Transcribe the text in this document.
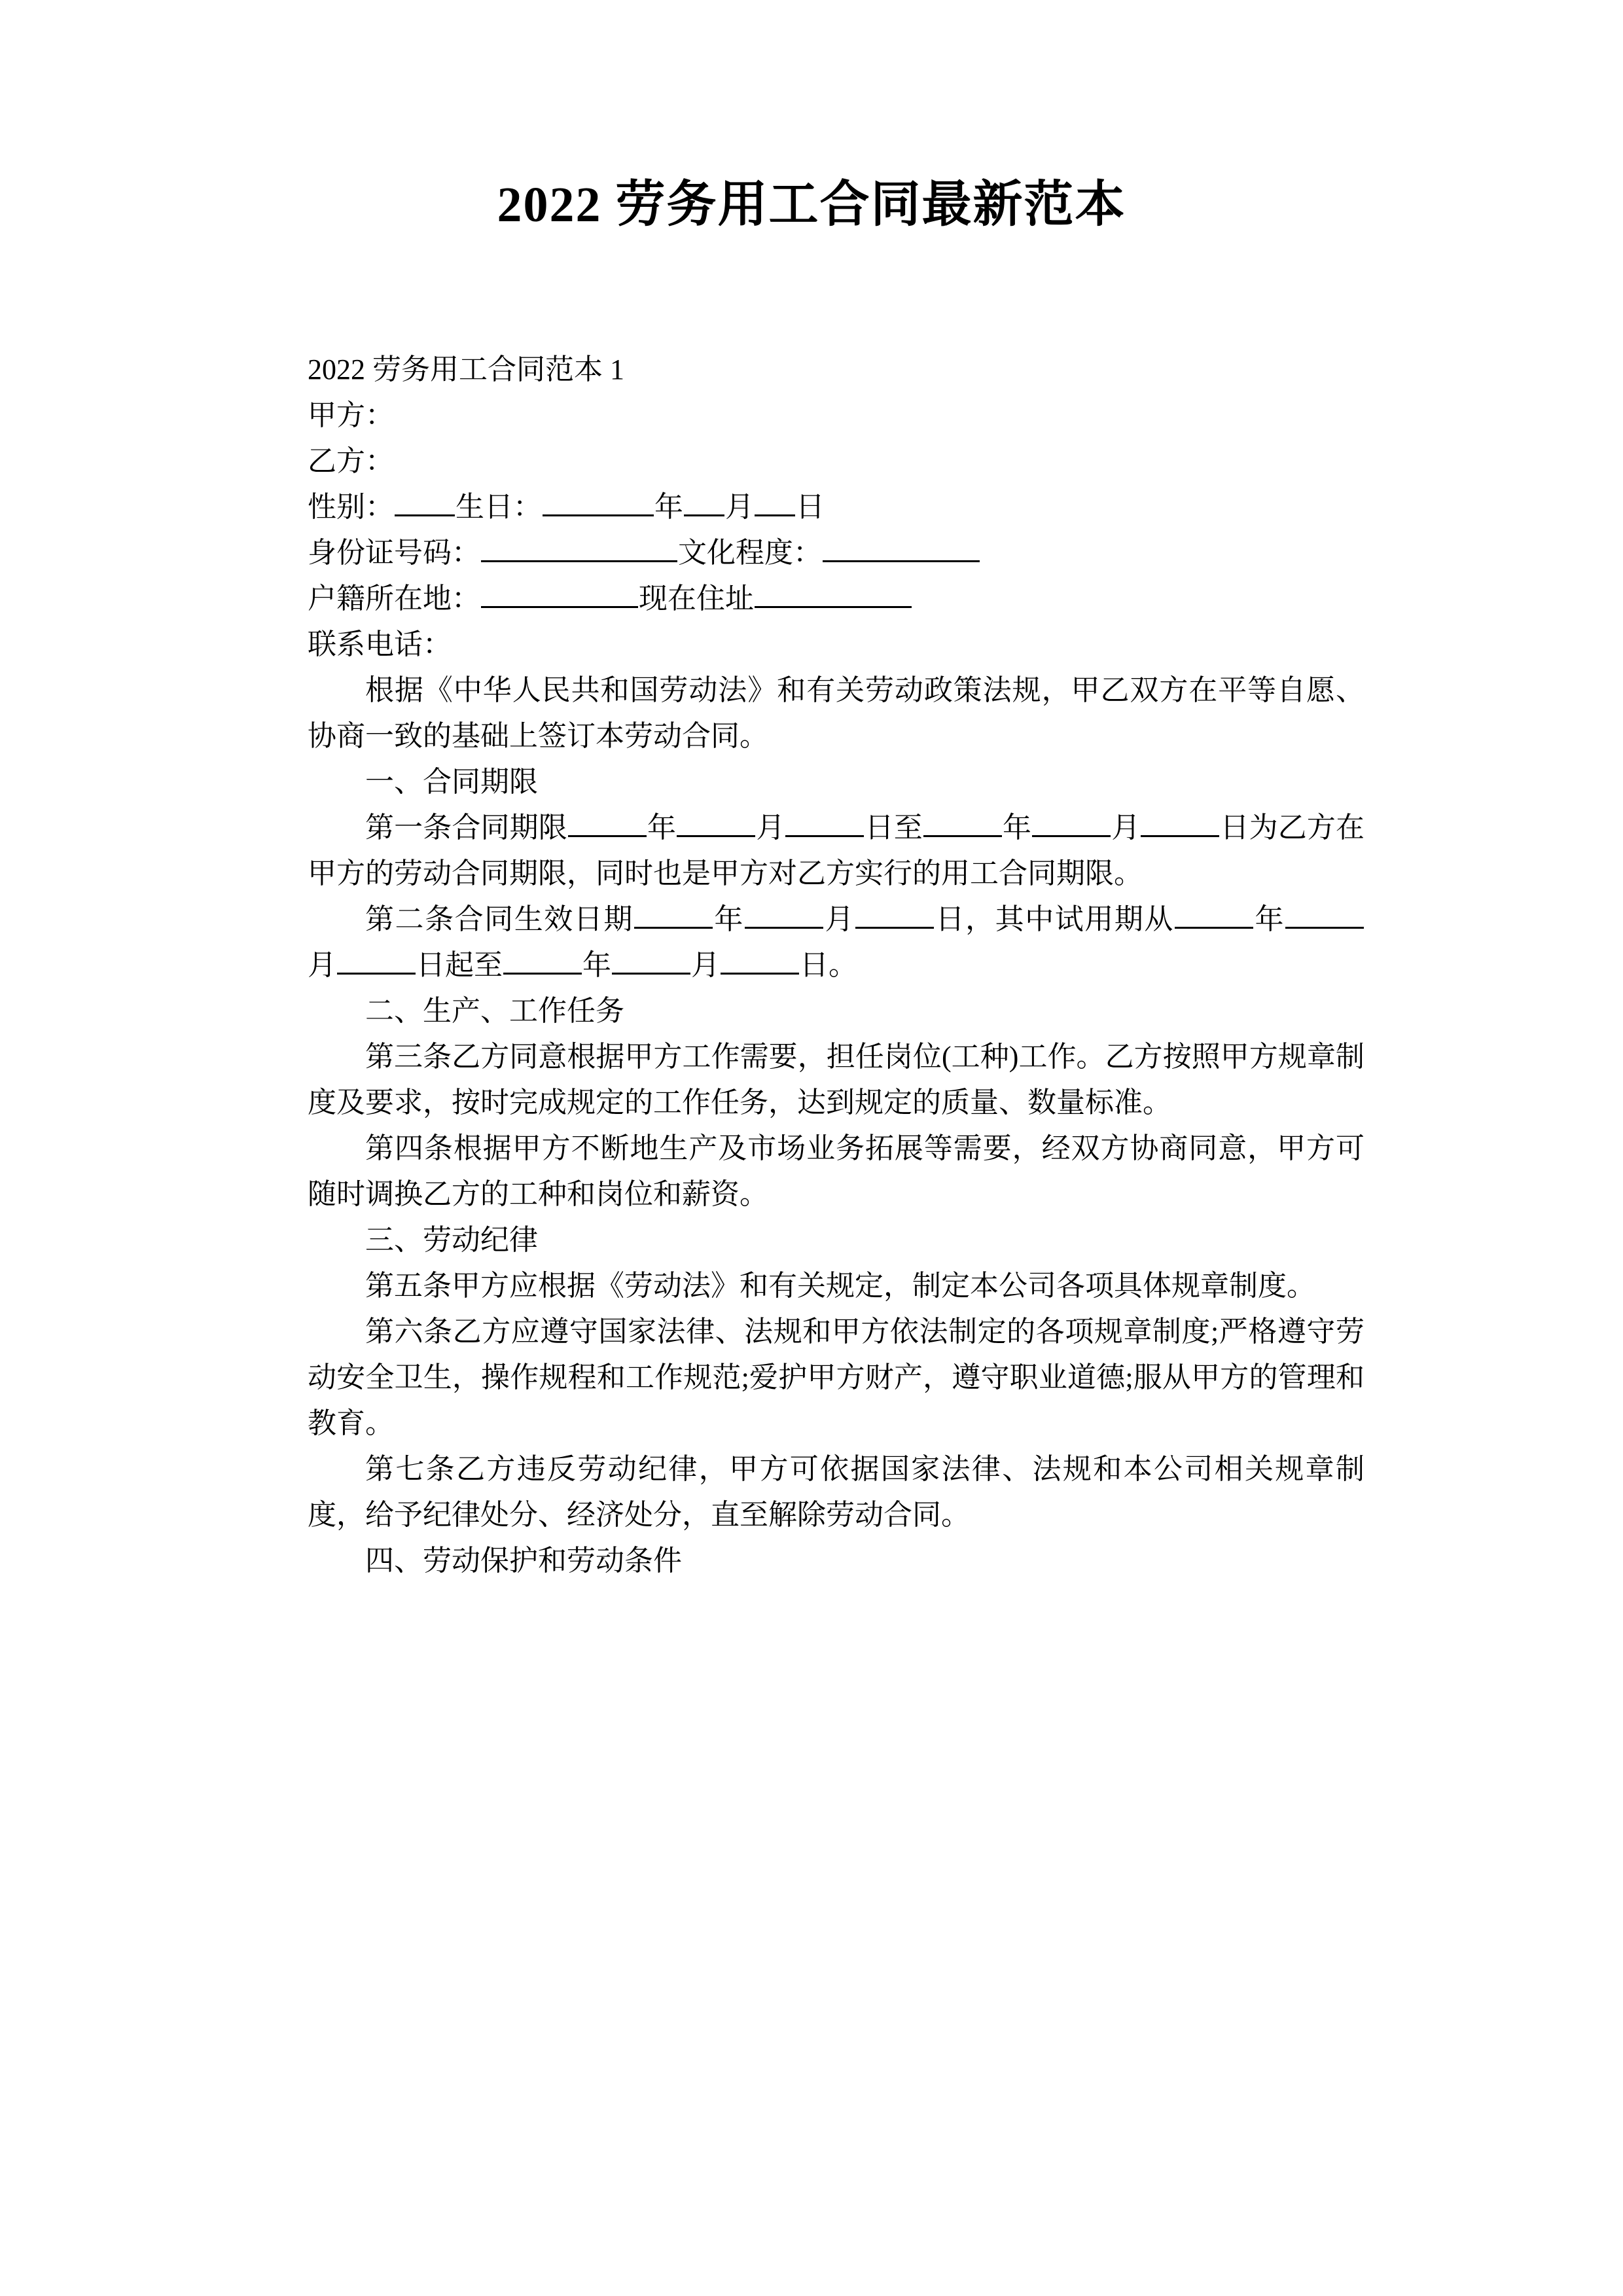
2022 劳务用工合同最新范本

2022 劳务用工合同范本 1

甲方：

乙方：

性别： 生日：	年 月 日

身份证号码：	文化程度：

户籍所在地：	现在住址

联系电话：

根据《中华人民共和国劳动法》和有关劳动政策法规，甲乙双方在平等自愿、协商一致的基础上签订本劳动合同。

一、合同期限

第一条合同期限	年	月	日至	年	月	日为乙方在甲方的劳动合同期限，同时也是甲方对乙方实行的用工合同期限。

第二条合同生效日期	年	月	日，其中试用期从	年月	日起至	年	月	日。

二、生产、工作任务

第三条乙方同意根据甲方工作需要，担任岗位(工种)工作。乙方按照甲方规章制度及要求，按时完成规定的工作任务，达到规定的质量、数量标准。

第四条根据甲方不断地生产及市场业务拓展等需要，经双方协商同意，甲方可随时调换乙方的工种和岗位和薪资。

三、劳动纪律

第五条甲方应根据《劳动法》和有关规定，制定本公司各项具体规章制度。

第六条乙方应遵守国家法律、法规和甲方依法制定的各项规章制度;严格遵守劳动安全卫生，操作规程和工作规范;爱护甲方财产，遵守职业道德;服从甲方的管理和教育。

第七条乙方违反劳动纪律，甲方可依据国家法律、法规和本公司相关规章制度，给予纪律处分、经济处分，直至解除劳动合同。

四、劳动保护和劳动条件
